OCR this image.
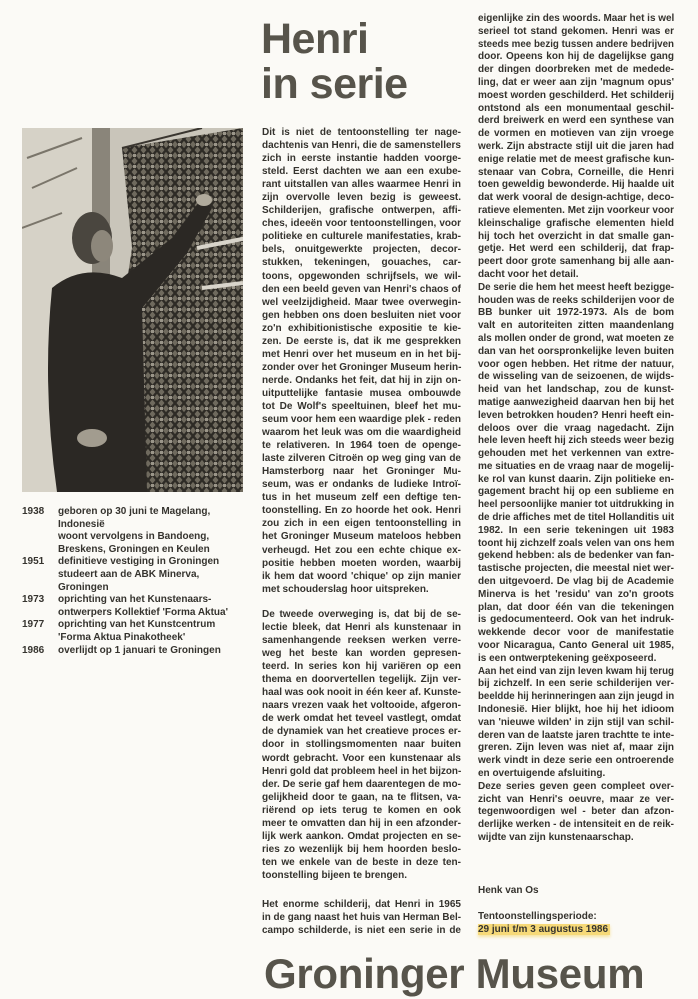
Henri
in serie
Dit is niet de tentoonstelling ter nage-
dachtenis van Henri, die de samenstellers
zich in eerste instantie hadden voorge-
steld. Eerst dachten we aan een exube-
rant uitstallen van alles waarmee Henri in
zijn overvolle leven bezig is geweest.
Schilderijen, grafische ontwerpen, affi-
ches, ideeën voor tentoonstellingen, voor
politieke en culturele manifestaties, krab-
bels, onuitgewerkte projecten, decor-
stukken, tekeningen, gouaches, car-
toons, opgewonden schrijfsels, we wil-
den een beeld geven van Henri's chaos of
wel veelzijdigheid. Maar twee overwegin-
gen hebben ons doen besluiten niet voor
zo'n exhibitionistische expositie te kie-
zen. De eerste is, dat ik me gesprekken
met Henri over het museum en in het bij-
zonder over het Groninger Museum herin-
nerde. Ondanks het feit, dat hij in zijn on-
uitputtelijke fantasie musea ombouwde
tot De Wolf's speeltuinen, bleef het mu-
seum voor hem een waardige plek - reden
waarom het leuk was om die waardigheid
te relativeren. In 1964 toen de openge-
laste zilveren Citroën op weg ging van de
Hamsterborg naar het Groninger Mu-
seum, was er ondanks de ludieke Introï-
tus in het museum zelf een deftige ten-
toonstelling. En zo hoorde het ook. Henri
zou zich in een eigen tentoonstelling in
het Groninger Museum mateloos hebben
verheugd. Het zou een echte chique ex-
positie hebben moeten worden, waarbij
ik hem dat woord 'chique' op zijn manier
met schouderslag hoor uitspreken.
De tweede overweging is, dat bij de se-
lectie bleek, dat Henri als kunstenaar in
samenhangende reeksen werken verre-
weg het beste kan worden gepresen-
teerd. In series kon hij variëren op een
thema en doorvertellen tegelijk. Zijn ver-
haal was ook nooit in één keer af. Kunste-
naars vrezen vaak het voltooide, afgeron-
de werk omdat het teveel vastlegt, omdat
de dynamiek van het creatieve proces er-
door in stollingsmomenten naar buiten
wordt gebracht. Voor een kunstenaar als
Henri gold dat probleem heel in het bijzon-
der. De serie gaf hem daarentegen de mo-
gelijkheid door te gaan, na te flitsen, va-
riërend op iets terug te komen en ook
meer te omvatten dan hij in een afzonder-
lijk werk aankon. Omdat projecten en se-
ries zo wezenlijk bij hem hoorden beslo-
ten we enkele van de beste in deze ten-
toonstelling bijeen te brengen.
Het enorme schilderij, dat Henri in 1965
in de gang naast het huis van Herman Bel-
campo schilderde, is niet een serie in de
eigenlijke zin des woords. Maar het is wel
serieel tot stand gekomen. Henri was er
steeds mee bezig tussen andere bedrijven
door. Opeens kon hij de dagelijkse gang
der dingen doorbreken met de mededе-
ling, dat er weer aan zijn 'magnum opus'
moest worden geschilderd. Het schilderij
ontstond als een monumentaal geschil-
derd breiwerk en werd een synthese van
de vormen en motieven van zijn vroege
werk. Zijn abstracte stijl uit die jaren had
enige relatie met de meest grafische kun-
stenaar van Cobra, Corneille, die Henri
toen geweldig bewonderde. Hij haalde uit
dat werk vooral de design-achtige, deco-
ratieve elementen. Met zijn voorkeur voor
kleinschalige grafische elementen hield
hij toch het overzicht in dat smalle gan-
getje. Het werd een schilderij, dat frap-
peert door grote samenhang bij alle aan-
dacht voor het detail.
De serie die hem het meest heeft bezigge-
houden was de reeks schilderijen voor de
BB bunker uit 1972-1973. Als de bom
valt en autoriteiten zitten maandenlang
als mollen onder de grond, wat moeten ze
dan van het oorspronkelijke leven buiten
voor ogen hebben. Het ritme der natuur,
de wisseling van de seizoenen, de wijds-
heid van het landschap, zou de kunst-
matige aanwezigheid daarvan hen bij het
leven betrokken houden? Henri heeft ein-
deloos over die vraag nagedacht. Zijn
hele leven heeft hij zich steeds weer bezig
gehouden met het verkennen van extre-
me situaties en de vraag naar de mogelij-
ke rol van kunst daarin. Zijn politieke en-
gagement bracht hij op een sublieme en
heel persoonlijke manier tot uitdrukking in
de drie affiches met de titel Hollanditis uit
1982. In een serie tekeningen uit 1983
toont hij zichzelf zoals velen van ons hem
gekend hebben: als de bedenker van fan-
tastische projecten, die meestal niet wer-
den uitgevoerd. De vlag bij de Academie
Minerva is het 'residu' van zo'n groots
plan, dat door één van die tekeningen
is gedocumenteerd. Ook van het indruk-
wekkende decor voor de manifestatie
voor Nicaragua, Canto General uit 1985,
is een ontwerptekening geëxposeerd.
Aan het eind van zijn leven kwam hij terug
bij zichzelf. In een serie schilderijen ver-
beeldde hij herinneringen aan zijn jeugd in
Indonesië. Hier blijkt, hoe hij het idioom
van 'nieuwe wilden' in zijn stijl van schil-
deren van de laatste jaren trachtte te inte-
greren. Zijn leven was niet af, maar zijn
werk vindt in deze serie een ontroerende
en overtuigende afsluiting.
Deze series geven geen compleet over-
zicht van Henri's oeuvre, maar ze ver-
tegenwoordigen wel - beter dan afzon-
derlijke werken - de intensiteit en de reik-
wijdte van zijn kunstenaarschap.
1938	geboren op 30 juni te Magelang,
Indonesië
woont vervolgens in Bandoeng,
Breskens, Groningen en Keulen
1951	definitieve vestiging in Groningen
studeert aan de ABK Minerva,
Groningen
1973	oprichting van het Kunstenaars-
ontwerpers Kollektief 'Forma Aktua'
1977	oprichting van het Kunstcentrum
'Forma Aktua Pinakotheek'
1986	overlijdt op 1 januari te Groningen
Henk van Os
Tentoonstellingsperiode:
29 juni t/m 3 augustus 1986
Groninger Museum
